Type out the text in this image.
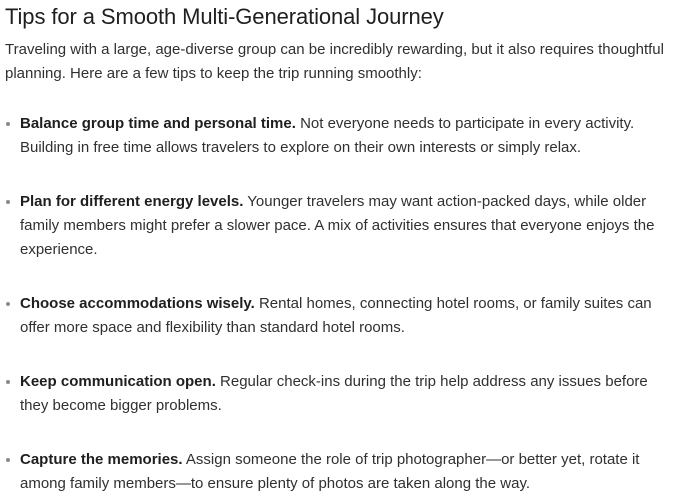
Tips for a Smooth Multi-Generational Journey

Traveling with a large, age-diverse group can be incredibly rewarding, but it also requires thoughtful planning. Here are a few tips to keep the trip running smoothly:

Balance group time and personal time. Not everyone needs to participate in every activity. Building in free time allows travelers to explore on their own interests or simply relax.
Plan for different energy levels. Younger travelers may want action-packed days, while older family members might prefer a slower pace. A mix of activities ensures that everyone enjoys the experience.
Choose accommodations wisely. Rental homes, connecting hotel rooms, or family suites can offer more space and flexibility than standard hotel rooms.
Keep communication open. Regular check-ins during the trip help address any issues before they become bigger problems.
Capture the memories. Assign someone the role of trip photographer—or better yet, rotate it among family members—to ensure plenty of photos are taken along the way.
